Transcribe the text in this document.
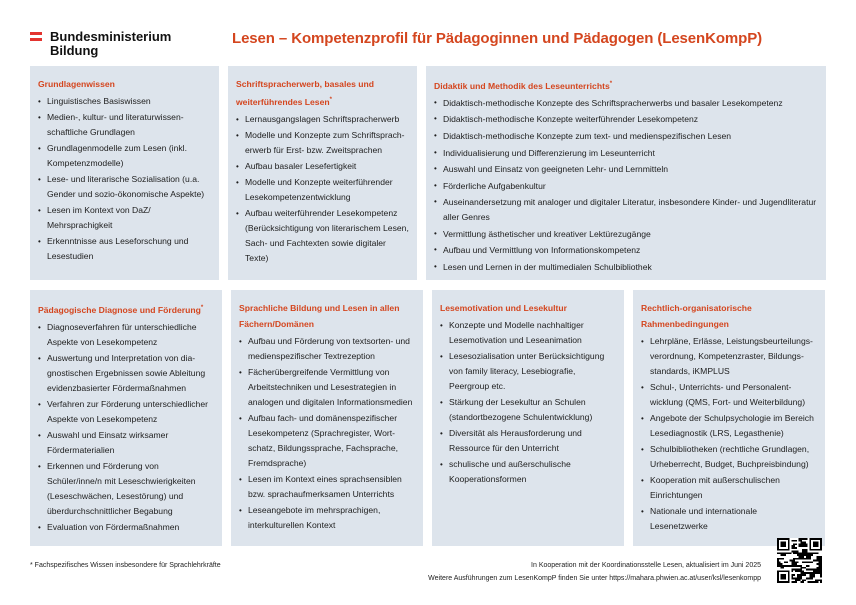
Bundesministerium
Bildung
Lesen – Kompetenzprofil für Pädagoginnen und Pädagogen (LesenKompP)
Grundlagenwissen
• Linguistisches Basiswissen
• Medien-, kultur- und literaturwissen-schaftliche Grundlagen
• Grundlagenmodelle zum Lesen (inkl. Kompetenzmodelle)
• Lese- und literarische Sozialisation (u.a. Gender und sozio-ökonomische Aspekte)
• Lesen im Kontext von DaZ/ Mehrsprachigkeit
• Erkenntnisse aus Leseforschung und Lesestudien
Schriftspracherwerb, basales und weiterführendes Lesen*
• Lernausgangslagen Schriftspracherwerb
• Modelle und Konzepte zum Schriftsprach-erwerb für Erst- bzw. Zweitsprachen
• Aufbau basaler Lesefertigkeit
• Modelle und Konzepte weiterführender Lesekompetenzentwicklung
• Aufbau weiterführender Lesekompetenz (Berücksichtigung von literarischem Lesen, Sach- und Fachtexten sowie digitaler Texte)
Didaktik und Methodik des Leseunterrichts*
• Didaktisch-methodische Konzepte des Schriftspracherwerbs und basaler Lesekompetenz
• Didaktisch-methodische Konzepte weiterführender Lesekompetenz
• Didaktisch-methodische Konzepte zum text- und medienspezifischen Lesen
• Individualisierung und Differenzierung im Leseunterricht
• Auswahl und Einsatz von geeigneten Lehr- und Lernmitteln
• Förderliche Aufgabenkultur
• Auseinandersetzung mit analoger und digitaler Literatur, insbesondere Kinder- und Jugendliteratur aller Genres
• Vermittlung ästhetischer und kreativer Lektürezugänge
• Aufbau und Vermittlung von Informationskompetenz
• Lesen und Lernen in der multimedialen Schulbibliothek
Pädagogische Diagnose und Förderung*
• Diagnoseverfahren für unterschiedliche Aspekte von Lesekompetenz
• Auswertung und Interpretation von dia-gnostischen Ergebnissen sowie Ableitung evidenzbasierter Fördermaßnahmen
• Verfahren zur Förderung unterschiedlicher Aspekte von Lesekompetenz
• Auswahl und Einsatz wirksamer Fördermaterialien
• Erkennen und Förderung von Schüler/inne/n mit Leseschwierigkeiten (Leseschwächen, Lesestörung) und überdurchschnittlicher Begabung
• Evaluation von Fördermaßnahmen
Sprachliche Bildung und Lesen in allen Fächern/Domänen
• Aufbau und Förderung von textsorten- und medienspezifischer Textrezeption
• Fächerübergreifende Vermittlung von Arbeitstechniken und Lesestrategien in analogen und digitalen Informationsmedien
• Aufbau fach- und domänenspezifischer Lesekompetenz (Sprachregister, Wort-schatz, Bildungssprache, Fachsprache, Fremdsprache)
• Lesen im Kontext eines sprachsensiblen bzw. sprachaufmerksamen Unterrichts
• Leseangebote im mehrsprachigen, interkulturellen Kontext
Lesemotivation und Lesekultur
• Konzepte und Modelle nachhaltiger Lesemotivation und Leseanimation
• Lesesozialisation unter Berücksichtigung von family literacy, Lesebiografie, Peergroup etc.
• Stärkung der Lesekultur an Schulen (standortbezogene Schulentwicklung)
• Diversität als Herausforderung und Ressource für den Unterricht
• schulische und außerschulische Kooperationsformen
Rechtlich-organisatorische Rahmenbedingungen
• Lehrpläne, Erlässe, Leistungsbeurteilungs-verordnung, Kompetenzraster, Bildungs-standards, iKMPLUS
• Schul-, Unterrichts- und Personalent-wicklung (QMS, Fort- und Weiterbildung)
• Angebote der Schulpsychologie im Bereich Lesediagnostik (LRS, Legasthenie)
• Schulbibliotheken (rechtliche Grundlagen, Urheberrecht, Budget, Buchpreisbindung)
• Kooperation mit außerschulischen Einrichtungen
• Nationale und internationale Lesenetzwerke
* Fachspezifisches Wissen insbesondere für Sprachlehrkräfte	In Kooperation mit der Koordinationsstelle Lesen, aktualisiert im Juni 2025
Weitere Ausführungen zum LesenKompP finden Sie unter https://mahara.phwien.ac.at/user/ksl/lesenkompp
